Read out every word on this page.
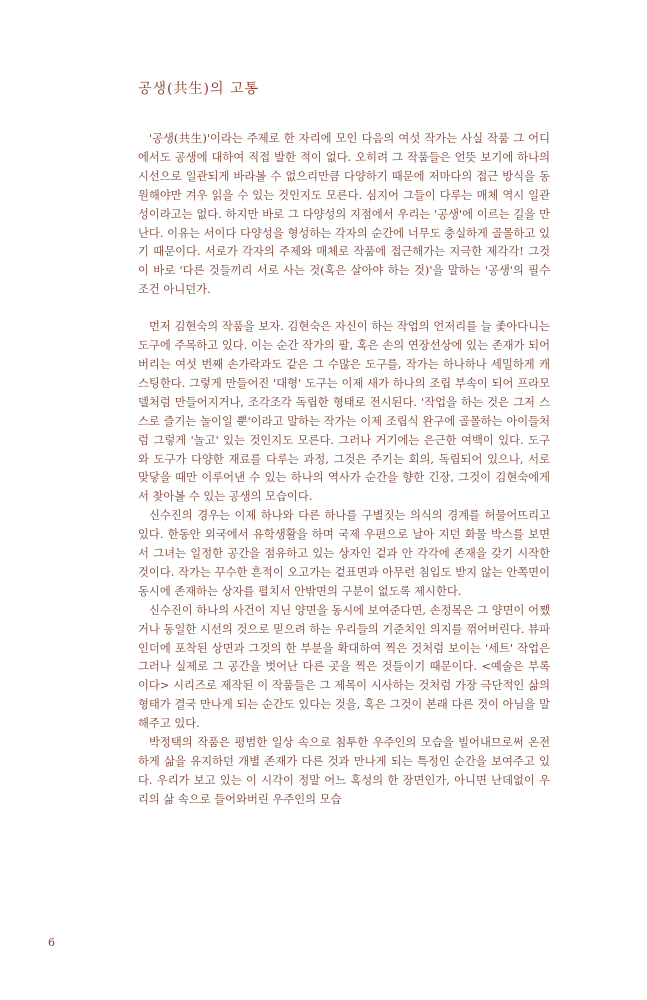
공생(共生)의 고통

'공생(共生)'이라는 주제로 한 자리에 모인 다음의 여섯 작가는 사실 작품 그 어디에서도 공생에 대하여 직접 발한 적이 없다. 오히려 그 작품들은 언뜻 보기에 하나의 시선으로 일관되게 바라볼 수 없으리만큼 다양하기 때문에 저마다의 접근 방식을 동원해야만 겨우 읽을 수 있는 것인지도 모른다. 심지어 그들이 다루는 매체 역시 일관성이라고는 없다. 하지만 바로 그 다양성의 지점에서 우리는 '공생'에 이르는 길을 만난다. 이유는 서이다 다양성을 형성하는 각자의 순간에 너무도 충실하게 골몰하고 있기 때문이다. 서로가 각자의 주제와 매체로 작품에 접근해가는 지극한 제각각! 그것이 바로 '다른 것들끼리 서로 사는 것(혹은 살아야 하는 것)'을 말하는 '공생'의 필수 조건 아니던가.

먼저 김현숙의 작품을 보자. 김현숙은 자신이 하는 작업의 언저리를 늘 좇아다니는 도구에 주목하고 있다. 이는 순간 작가의 팔, 혹은 손의 연장선상에 있는 존재가 되어버리는 여섯 번째 손가락과도 같은 그 수많은 도구를, 작가는 하나하나 세밀하게 캐스팅한다. 그렇게 만들어진 '대형' 도구는 이제 새가 하나의 조립 부속이 되어 프라모델처럼 만들어지거나, 조각조각 독립한 형태로 전시된다. '작업을 하는 것은 그저 스스로 즐기는 놀이일 뿐'이라고 말하는 작가는 이제 조립식 완구에 골몰하는 아이들처럼 그렇게 '놀고' 있는 것인지도 모른다. 그러나 거기에는 은근한 여백이 있다. 도구와 도구가 다양한 재료를 다루는 과정, 그것은 주기는 회의, 독립되어 있으나, 서로 맞닿을 때만 이루어낸 수 있는 하나의 역사가 순간을 향한 긴장, 그것이 김현숙에게서 찾아볼 수 있는 공생의 모습이다.

신수진의 경우는 이제 하나와 다른 하나를 구별짓는 의식의 경계를 허물어뜨리고 있다. 한동안 외국에서 유학생활을 하며 국제 우편으로 날아 지던 화물 박스를 보면서 그녀는 일정한 공간을 점유하고 있는 상자인 겉과 안 각각에 존재을 갖기 시작한 것이다. 작가는 꾸수한 흔적이 오고가는 겉표면과 아무런 침입도 받지 않는 안쪽면이 동시에 존재하는 상자를 펼치서 안밖면의 구분이 없도록 제시한다.

신수진이 하나의 사건이 지닌 양면을 동시에 보여준다면, 손정목은 그 양면이 어쨌거나 동일한 시선의 것으로 믿으려 하는 우리들의 기준치인 의지를 꺾어버린다. 뷰파인더에 포착된 상면과 그것의 한 부분을 확대하여 찍은 것처럼 보이는 '세트' 작업은 그러나 실제로 그 공간을 벗어난 다른 곳을 찍은 것들이기 때문이다. <예술은 부록이다> 시리즈로 제작된 이 작품들은 그 제목이 시사하는 것처럼 가장 극단적인 삶의 형태가 결국 만나게 되는 순간도 있다는 것을, 혹은 그것이 본래 다른 것이 아님을 말해주고 있다.

박정택의 작품은 평범한 일상 속으로 침투한 우주인의 모습을 빌어내므로써 온전하게 삶을 유지하던 개별 존재가 다른 것과 만나게 되는 특정인 순간을 보여주고 있다. 우리가 보고 있는 이 시각이 정말 어느 혹성의 한 장면인가, 아니면 난데없이 우리의 삶 속으로 들어와버린 우주인의 모습

6
